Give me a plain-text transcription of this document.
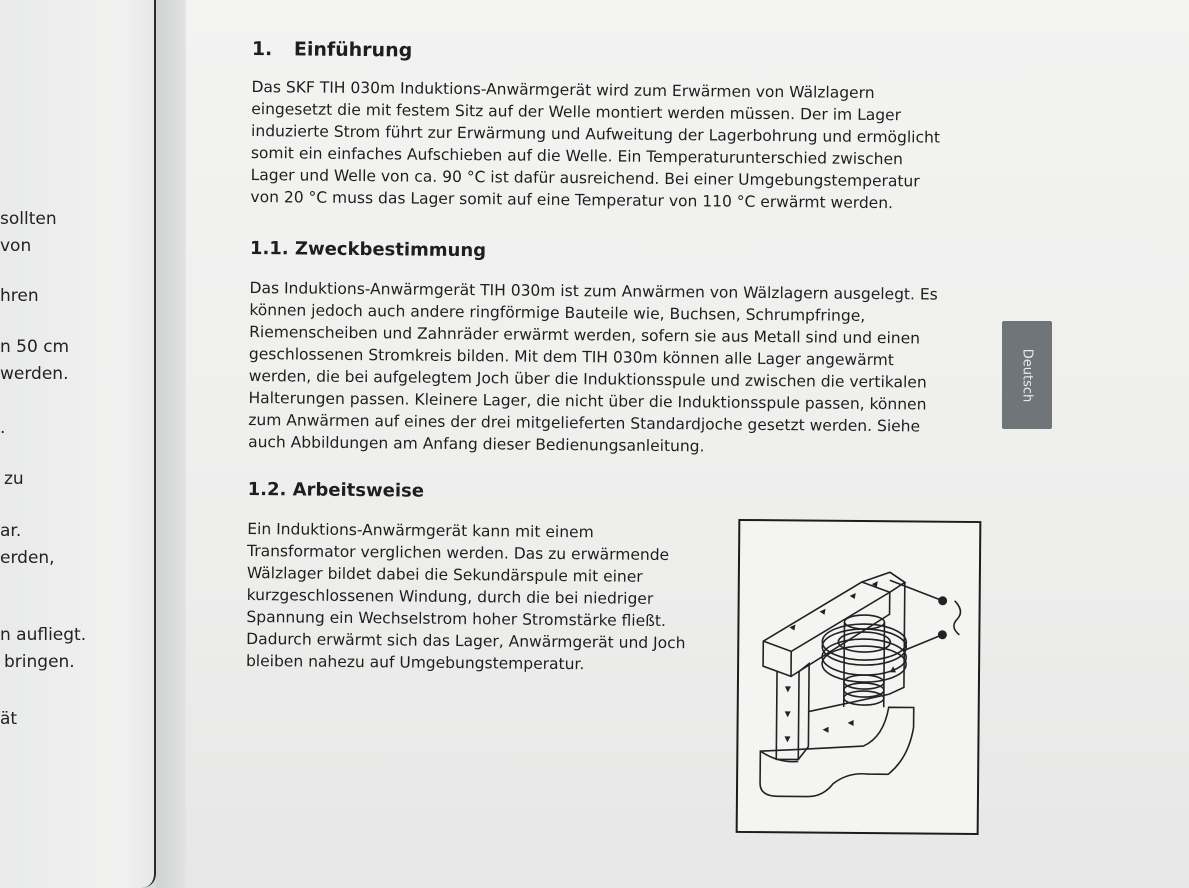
sollten
von
hren
n 50 cm
werden.
.
zu
ar.
erden,
n aufliegt.
bringen.
ät
1. Einführung

Das SKF TIH 030m Induktions-Anwärmgerät wird zum Erwärmen von Wälzlagern eingesetzt die mit festem Sitz auf der Welle montiert werden müssen. Der im Lager induzierte Strom führt zur Erwärmung und Aufweitung der Lagerbohrung und ermöglicht somit ein einfaches Aufschieben auf die Welle. Ein Temperaturunterschied zwischen Lager und Welle von ca. 90 °C ist dafür ausreichend. Bei einer Umgebungstemperatur von 20 °C muss das Lager somit auf eine Temperatur von 110 °C erwärmt werden.

1.1. Zweckbestimmung

Das Induktions-Anwärmgerät TIH 030m ist zum Anwärmen von Wälzlagern ausgelegt. Es können jedoch auch andere ringförmige Bauteile wie, Buchsen, Schrumpfringe, Riemenscheiben und Zahnräder erwärmt werden, sofern sie aus Metall sind und einen geschlossenen Stromkreis bilden. Mit dem TIH 030m können alle Lager angewärmt werden, die bei aufgelegtem Joch über die Induktionsspule und zwischen die vertikalen Halterungen passen. Kleinere Lager, die nicht über die Induktionsspule passen, können zum Anwärmen auf eines der drei mitgelieferten Standardjoche gesetzt werden. Siehe auch Abbildungen am Anfang dieser Bedienungsanleitung.

1.2. Arbeitsweise

Ein Induktions-Anwärmgerät kann mit einem Transformator verglichen werden. Das zu erwärmende Wälzlager bildet dabei die Sekundärspule mit einer kurzgeschlossenen Windung, durch die bei niedriger Spannung ein Wechselstrom hoher Stromstärke fließt. Dadurch erwärmt sich das Lager, Anwärmgerät und Joch bleiben nahezu auf Umgebungstemperatur.

Deutsch
